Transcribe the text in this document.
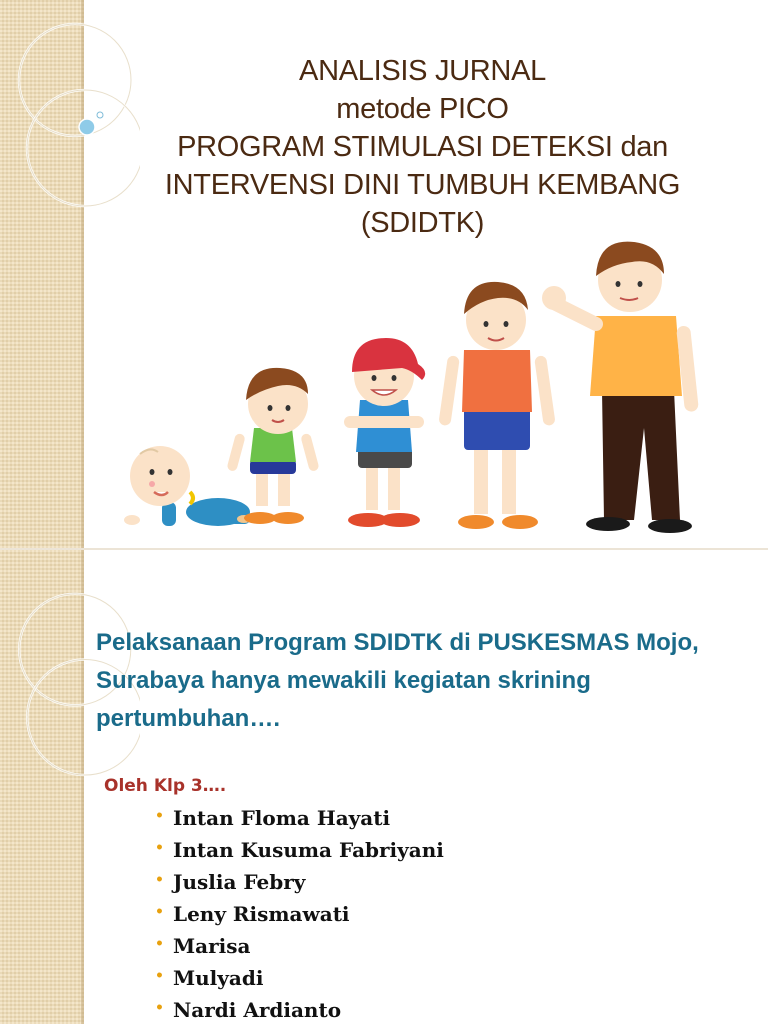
ANALISIS JURNAL
metode PICO
PROGRAM STIMULASI DETEKSI dan
INTERVENSI DINI TUMBUH KEMBANG
(SDIDTK)
Pelaksanaan Program SDIDTK di PUSKESMAS Mojo,
Surabaya hanya mewakili kegiatan skrining
pertumbuhan….
Oleh Klp 3….
• Intan Floma Hayati
• Intan Kusuma Fabriyani
• Juslia Febry
• Leny Rismawati
• Marisa
• Mulyadi
• Nardi Ardianto
